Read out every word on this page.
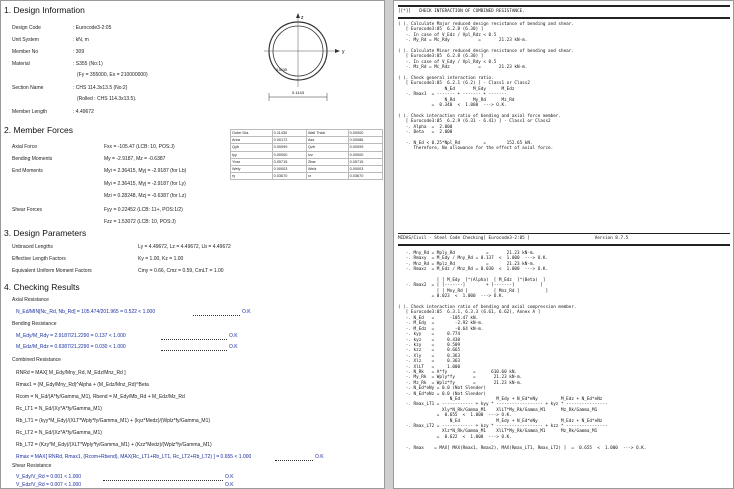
1. Design Information
Design Code	: Eurocode3-2:05
Unit System	: kN, m
Member No	: 309
Material	: S355 (No:1)
(Fy = 355000, Es = 210000000)
Section Name	: CHS 114.3x13.5 (No:2)
(Rolled : CHS 114.3x13.5).
Member Length	: 4.49672
y
z
0.0135
0.1143
2. Member Forces
Axial Force	Fxx = -105.47 (LCB: 10, POS:J)
Bending Moments	My = -2.9187, Mz = -0.6387
End Moments	Myi = 2.36415, Myj = -2.9187 (for Lb)
Myi = 2.36415, Myj = -2.9187 (for Ly)
Mzi = 0.28248, Mzj = -0.6387 (for Lz)
Shear Forces	Fyy = 0.22452 (LCB: 11+, POS:1/2)
Fzz = 1.53072 (LCB: 10, POS:J)
Outer Dia.	0.11430	Wall Thick	0.00000
Area	0.00172	Asz	0.00086
Qyb	0.00099	Qzb	0.00099
Iyy	0.00000	Izz	0.00000
Ybar	0.05715	Zbar	0.05715
Wely	0.00003	Welz	0.00003
ry	0.03670	rz	0.03670
3. Design Parameters
Unbraced Lengths	Ly = 4.49672, Lz = 4.49672, Lb = 4.49672
Effective Length Factors	Ky = 1.00, Kz = 1.00
Equivalent Uniform Moment Factors	Cmy = 0.66, Cmz = 0.59, CmLT = 1.00
4. Checking Results
Axial Resistance
N_Ed/MIN[Nc_Rd, Nb_Rd] = 105.474/201.965 = 0.522 < 1.000	O.K
Bending Resistance
M_Edy/M_Rdy = 2.9187/21.2290 = 0.137 < 1.000	O.K
M_Edz/M_Rdz = 0.6387/21.2290 = 0.030 < 1.000	O.K
Combined Resistance
RNRd = MAX[ M_Edy/Mny_Rd, M_Edz/Mnz_Rd ]
Rmax1 = (M_Edy/Mny_Rd)^Alpha + (M_Edz/Mnz_Rd)^Beta
Rcom = N_Ed/(A*fy/Gamma_M1), Rbend = M_Edy/Mb_Rd + M_Edz/Mz_Rd
Rc_LT1 = N_Ed/(Xy*A*fy/Gamma_M1)
Rb_LT1 = (kyy*M_Edy)/(XLT*Wply*fy/Gamma_M1) + (kyz*Medz)/(Wplz*fy/Gamma_M1)
Rc_LT2 = N_Ed/(Xz*A*fy/Gamma_M1)
Rb_LT2 = (Kzy*M_Edy)/(XLT*Wply*fy/Gamma_M1) + (Kzz*Medz)/(Wplz*fy/Gamma_M1)
Rmax = MAX[ RNRd, Rmax1, (Rcom+Rbend), MAX(Rc_LT1+Rb_LT1, Rc_LT2+Rb_LT2) ] = 0.655 < 1.000	O.K
Shear Resistance
V_Edy/V_Rd = 0.001 < 1.000	O.K
V_Edz/V_Rd = 0.007 < 1.000	O.K
[[*]]   CHECK INTERACTION OF COMBINED RESISTANCE.
( ). Calculate Major reduced design resistance of bending and shear.
[ Eurocode3:05  6.2.8 (6.30) ]
-. In case of V_Edz / Vpl_Rdz < 0.5
-. My_Rd = Mc_Rdy           =       21.23 kN-m.

( ). Calculate Minor reduced design resistance of bending and shear.
[ Eurocode3:05  6.2.8 (6.30) ]
-. In case of V_Edy / Vpl_Rdy < 0.5
-. Mz_Rd = Mc_Rdz           =       21.23 kN-m.

( ). Check general interaction ratio.
[ Eurocode3:05  6.2.1 (6.2) ] - Class1 or Class2
N_Ed       M_Edy      M_Edz
-. Rmax1  = ------- + ------- + -------
N_Rd       My_Rd      Mz_Rd
=  0.340  <  1.000  ---> O.K.

( ). Check interaction ratio of bending and axial force member.
[ Eurocode3:05  6.2.9 (6.31 - 6.41) ] - Class1 or Class2
-. Alpha  =  2.000
-. Beta   =  2.000

-. N_Ed < 0.25*Npl_Rd         =        152.65 kN.
Therefore, No allowance for the effect of axial force.
MIDAS/Civil - Steel Code Checking[ Eurocode3-2:05 ]                         Version 8.7.5
-. Mny_Rd = Mply_Rd            =       21.23 kN-m.
-. Rmaxy  = M_Edy / Mny_Rd = 0.137  <  1.000  ---> O.K.
-. Mnz_Rd = Mplz_Rd            =       21.23 kN-m.
-. Rmaxz  = M_Edz / Mnz_Rd = 0.030  <  1.000  ---> O.K.

[ [ M_Edy  ]^(Alpha)  [ M_Edz  ]^(Beta)  ]
-. Rmax2  = [ [-------]        + [-------]          ]
[ [ Mny_Rd ]          [ Mnz_Rd ]          ]
= 0.023  <  1.000  ---> O.K.

( ). Check interaction ratio of bending and axial compression member.
[ Eurocode3:05  6.3.1, 6.3.3 (6.61, 6.62), Annex A ]
-. N_Ed   =      -105.47 kN.
-. M_Edy  =        -2.92 kN-m.
-. M_Edz  =        -0.64 kN-m.
-. kyy    =     0.774
-. kyz    =     0.430
-. kzy    =     0.509
-. kzz    =     0.665
-. Xly    =     0.363
-. Xlz    =     0.363
-. XlLT   =     1.000
-. N_Rk   = A*fy          =      610.60 kN.
-. My_Rk  = Wply*fy       =       21.23 kN-m.
-. Mz_Rk  = Wplz*fy       =       21.23 kN-m.
-. N_Ed*eNy = 0.0 (Not Slender)
-. N_Ed*eNz = 0.0 (Not Slender)
N_Ed              M_Edy + N_Ed*eNy         M_Edz + N_Ed*eNz
-. Rmax_LT1 = ------------ + kyy * ------------------ + kyz * ----------------
Xly*N_Rk/Gamma_M1    XlLT*My_Rk/Gamma_M1      Mz_Rk/Gamma_M1
=  0.655  <  1.000  ---> O.K.
N_Ed              M_Edy + N_Ed*eNy         M_Edz + N_Ed*eNz
-. Rmax_LT2 = ------------ + kzy * ------------------ + kzz * ----------------
Xlz*N_Rk/Gamma_M1    XlLT*My_Rk/Gamma_M1      Mz_Rk/Gamma_M1
=  0.622  <  1.000  ---> O.K.

-. Rmax    = MAX[ MAX(Rmax1, Rmax2), MAX(Rmax_LT1, Rmax_LT2) ]  =  0.655  <  1.000  ---> O.K.
